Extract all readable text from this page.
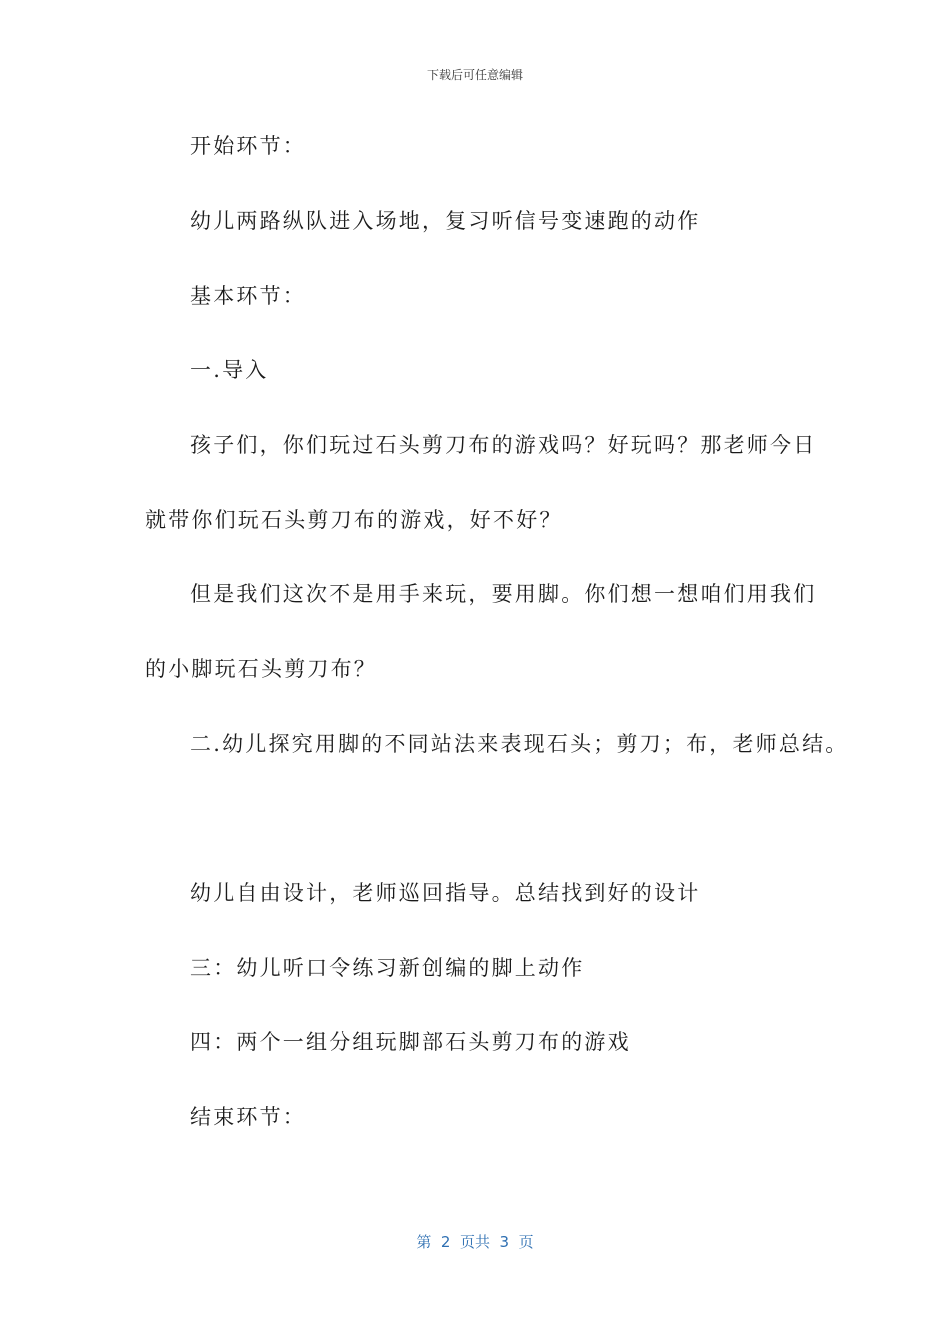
下载后可任意编辑
开始环节：
幼儿两路纵队进入场地，复习听信号变速跑的动作
基本环节：
一.导入
孩子们，你们玩过石头剪刀布的游戏吗？好玩吗？那老师今日
就带你们玩石头剪刀布的游戏，好不好？
但是我们这次不是用手来玩，要用脚。你们想一想咱们用我们
的小脚玩石头剪刀布？
二.幼儿探究用脚的不同站法来表现石头；剪刀；布，老师总结。
幼儿自由设计，老师巡回指导。总结找到好的设计
三：幼儿听口令练习新创编的脚上动作
四：两个一组分组玩脚部石头剪刀布的游戏
结束环节：
第  2  页共  3  页
